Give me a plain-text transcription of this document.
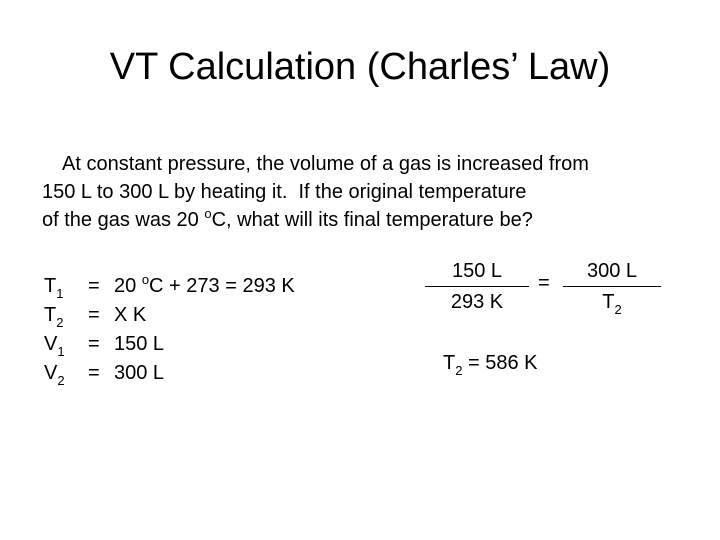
VT Calculation (Charles’ Law)
At constant pressure, the volume of a gas is increased from
150 L to 300 L by heating it.  If the original temperature
of the gas was 20 $^o$C, what will its final temperature be?
$T_1$	= 20 $^o$C + 273 = 293 K
$T_2$	= X K
$V_1$	= 150 L
$V_2$	= 300 L
$\frac{150 L}{293 K} = \frac{300 L}{T_2}$
$T_2 = 586$ K
